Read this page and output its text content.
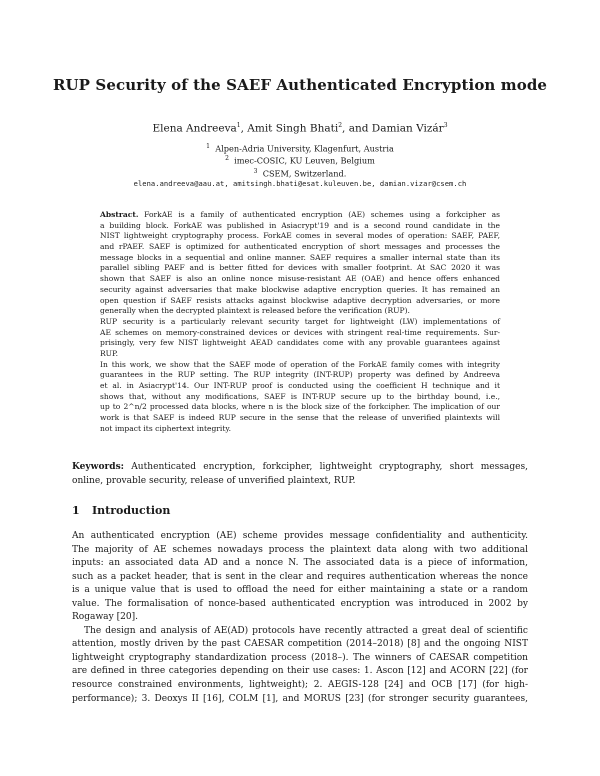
RUP Security of the SAEF Authenticated Encryption mode
Elena Andreeva$^1$, Amit Singh Bhati$^2$, and Damian Vizár$^3$
$^1$ Alpen-Adria University, Klagenfurt, Austria
$^2$ imec-COSIC, KU Leuven, Belgium
$^3$ CSEM, Switzerland.
elena.andreeva@aau.at, amitsingh.bhati@esat.kuleuven.be, damian.vizar@csem.ch

Abstract. ForkAE is a family of authenticated encryption (AE) schemes using a forkcipher as
a building block. ForkAE was published in Asiacrypt'19 and is a second round candidate in the
NIST lightweight cryptography process. ForkAE comes in several modes of operation: SAEF, PAEF,
and rPAEF. SAEF is optimized for authenticated encryption of short messages and processes the
message blocks in a sequential and online manner. SAEF requires a smaller internal state than its
parallel sibling PAEF and is better fitted for devices with smaller footprint. At SAC 2020 it was
shown that SAEF is also an online nonce misuse-resistant AE (OAE) and hence offers enhanced
security against adversaries that make blockwise adaptive encryption queries. It has remained an
open question if SAEF resists attacks against blockwise adaptive decryption adversaries, or more
generally when the decrypted plaintext is released before the verification (RUP).

RUP security is a particularly relevant security target for lightweight (LW) implementations of
AE schemes on memory-constrained devices or devices with stringent real-time requirements. Sur-
prisingly, very few NIST lightweight AEAD candidates come with any provable guarantees against
RUP.

In this work, we show that the SAEF mode of operation of the ForkAE family comes with integrity
guarantees in the RUP setting. The RUP integrity (INT-RUP) property was defined by Andreeva
et al. in Asiacrypt'14. Our INT-RUP proof is conducted using the coefficient H technique and it
shows that, without any modifications, SAEF is INT-RUP secure up to the birthday bound, i.e.,
up to 2^n/2 processed data blocks, where n is the block size of the forkcipher. The implication of our
work is that SAEF is indeed RUP secure in the sense that the release of unverified plaintexts will
not impact its ciphertext integrity.

Keywords: Authenticated encryption, forkcipher, lightweight cryptography, short messages,
online, provable security, release of unverified plaintext, RUP.
1 Introduction

An authenticated encryption (AE) scheme provides message confidentiality and authenticity.
The majority of AE schemes nowadays process the plaintext data along with two additional
inputs: an associated data AD and a nonce N. The associated data is a piece of information,
such as a packet header, that is sent in the clear and requires authentication whereas the nonce
is a unique value that is used to offload the need for either maintaining a state or a random
value. The formalisation of nonce-based authenticated encryption was introduced in 2002 by
Rogaway [20].

The design and analysis of AE(AD) protocols have recently attracted a great deal of scientific
attention, mostly driven by the past CAESAR competition (2014–2018) [8] and the ongoing NIST
lightweight cryptography standardization process (2018–). The winners of CAESAR competition
are defined in three categories depending on their use cases: 1. Ascon [12] and ACORN [22] (for
resource constrained environments, lightweight); 2. AEGIS-128 [24] and OCB [17] (for high-
performance); 3. Deoxys II [16], COLM [1], and MORUS [23] (for stronger security guarantees,
